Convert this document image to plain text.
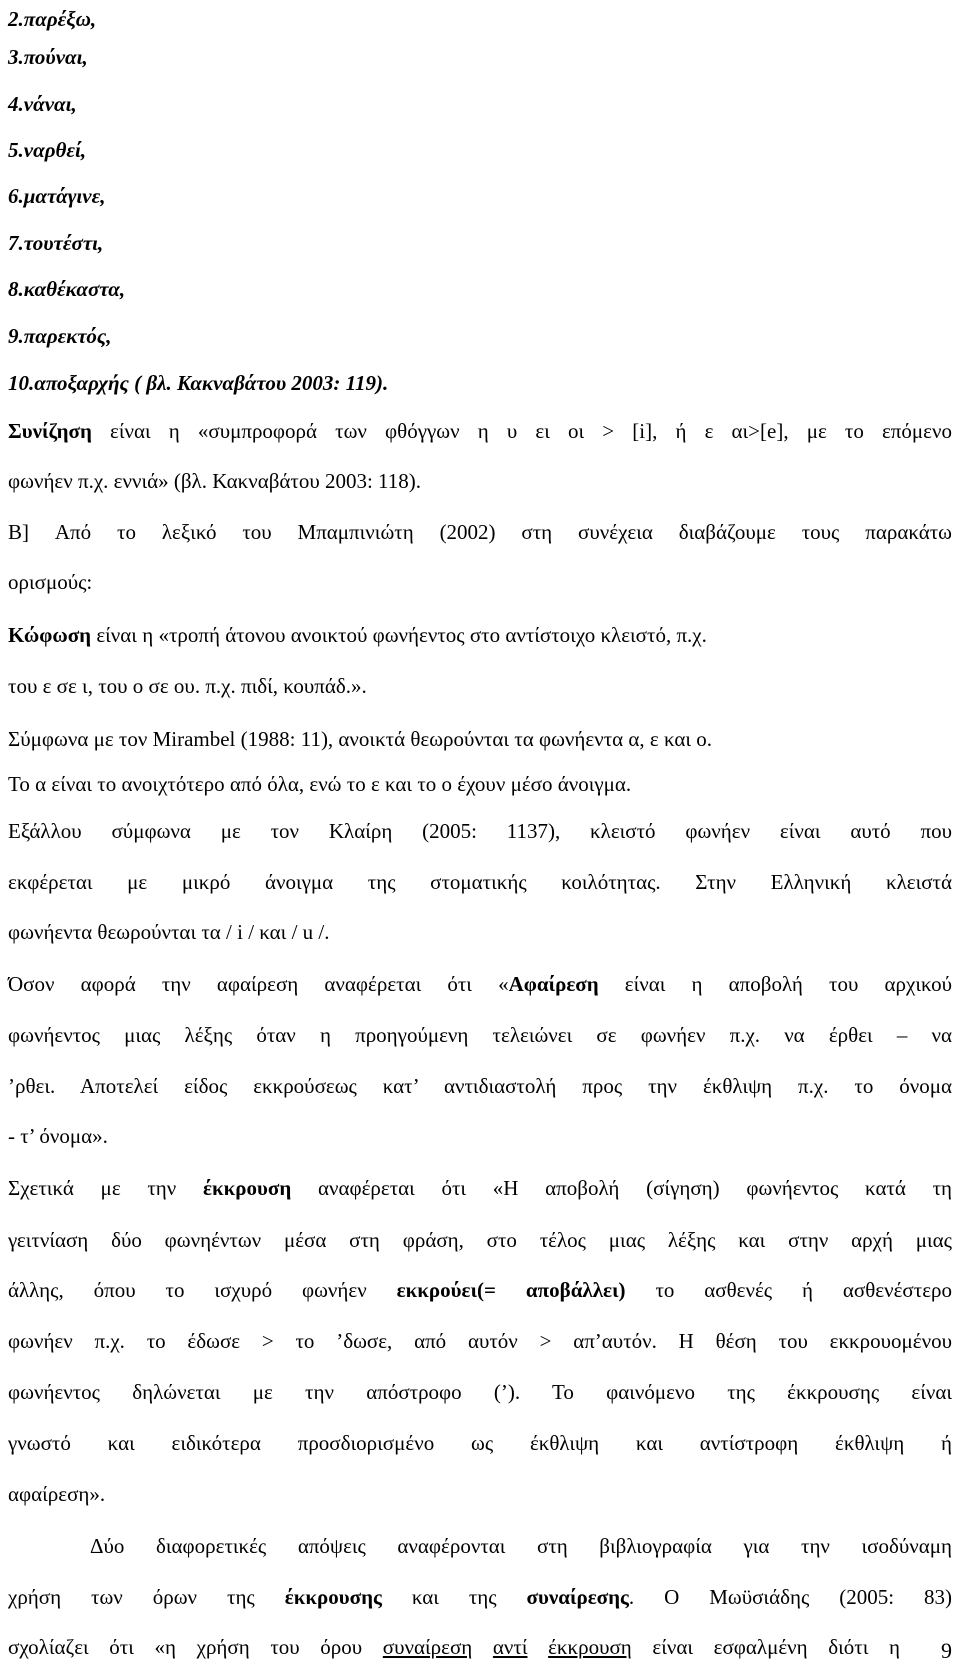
2.παρέξω,
3.πούναι,
4.νάναι,
5.ναρθεί,
6.ματάγινε,
7.τουτέστι,
8.καθέκαστα,
9.παρεκτός,
10.αποξαρχής ( βλ. Κακναβάτου 2003: 119).
Συνίζηση είναι η «συμπροφορά των φθόγγων η υ ει οι > [i], ή ε αι>[e], με το επόμενο
φωνήεν π.χ. εννιά» (βλ. Κακναβάτου 2003: 118).
B] Από το λεξικό του Μπαμπινιώτη (2002) στη συνέχεια διαβάζουμε τους παρακάτω
ορισμούς:
Κώφωση είναι η «τροπή άτονου ανοικτού φωνήεντος στο αντίστοιχο κλειστό, π.χ.
του ε σε ι, του ο σε ου. π.χ. πιδί, κουπάδ.».
Σύμφωνα με τον Mirambel (1988: 11), ανοικτά θεωρούνται τα φωνήεντα α, ε και ο.
Το α είναι το ανοιχτότερο από όλα, ενώ το ε και το ο έχουν μέσο άνοιγμα.
Εξάλλου σύμφωνα με τον Κλαίρη (2005: 1137), κλειστό φωνήεν είναι αυτό που
εκφέρεται με μικρό άνοιγμα της στοματικής κοιλότητας. Στην Ελληνική κλειστά
φωνήεντα θεωρούνται τα / i / και / u /.
Όσον αφορά την αφαίρεση αναφέρεται ότι «Αφαίρεση είναι η αποβολή του αρχικού
φωνήεντος μιας λέξης όταν η προηγούμενη τελειώνει σε φωνήεν π.χ. να έρθει – να
’ρθει. Αποτελεί είδος εκκρούσεως κατ’ αντιδιαστολή προς την έκθλιψη π.χ. το όνομα
- τ’ όνομα».
Σχετικά με την έκκρουση αναφέρεται ότι «Η αποβολή (σίγηση) φωνήεντος κατά τη
γειτνίαση δύο φωνηέντων μέσα στη φράση, στο τέλος μιας λέξης και στην αρχή μιας
άλλης, όπου το ισχυρό φωνήεν εκκρούει(= αποβάλλει) το ασθενές ή ασθενέστερο
φωνήεν π.χ. το έδωσε > το ’δωσε, από αυτόν > απ’αυτόν. Η θέση του εκκρουομένου
φωνήεντος δηλώνεται με την απόστροφο (’). Το φαινόμενο της έκκρουσης είναι
γνωστό και ειδικότερα προσδιορισμένο ως έκθλιψη και αντίστροφη έκθλιψη ή
αφαίρεση».
Δύο διαφορετικές απόψεις αναφέρονται στη βιβλιογραφία για την ισοδύναμη
χρήση των όρων της έκκρουσης και της συναίρεσης. Ο Μωϋσιάδης (2005: 83)
σχολίαζει ότι «η χρήση του όρου συναίρεση αντί έκκρουση είναι εσφαλμένη διότι η 9
